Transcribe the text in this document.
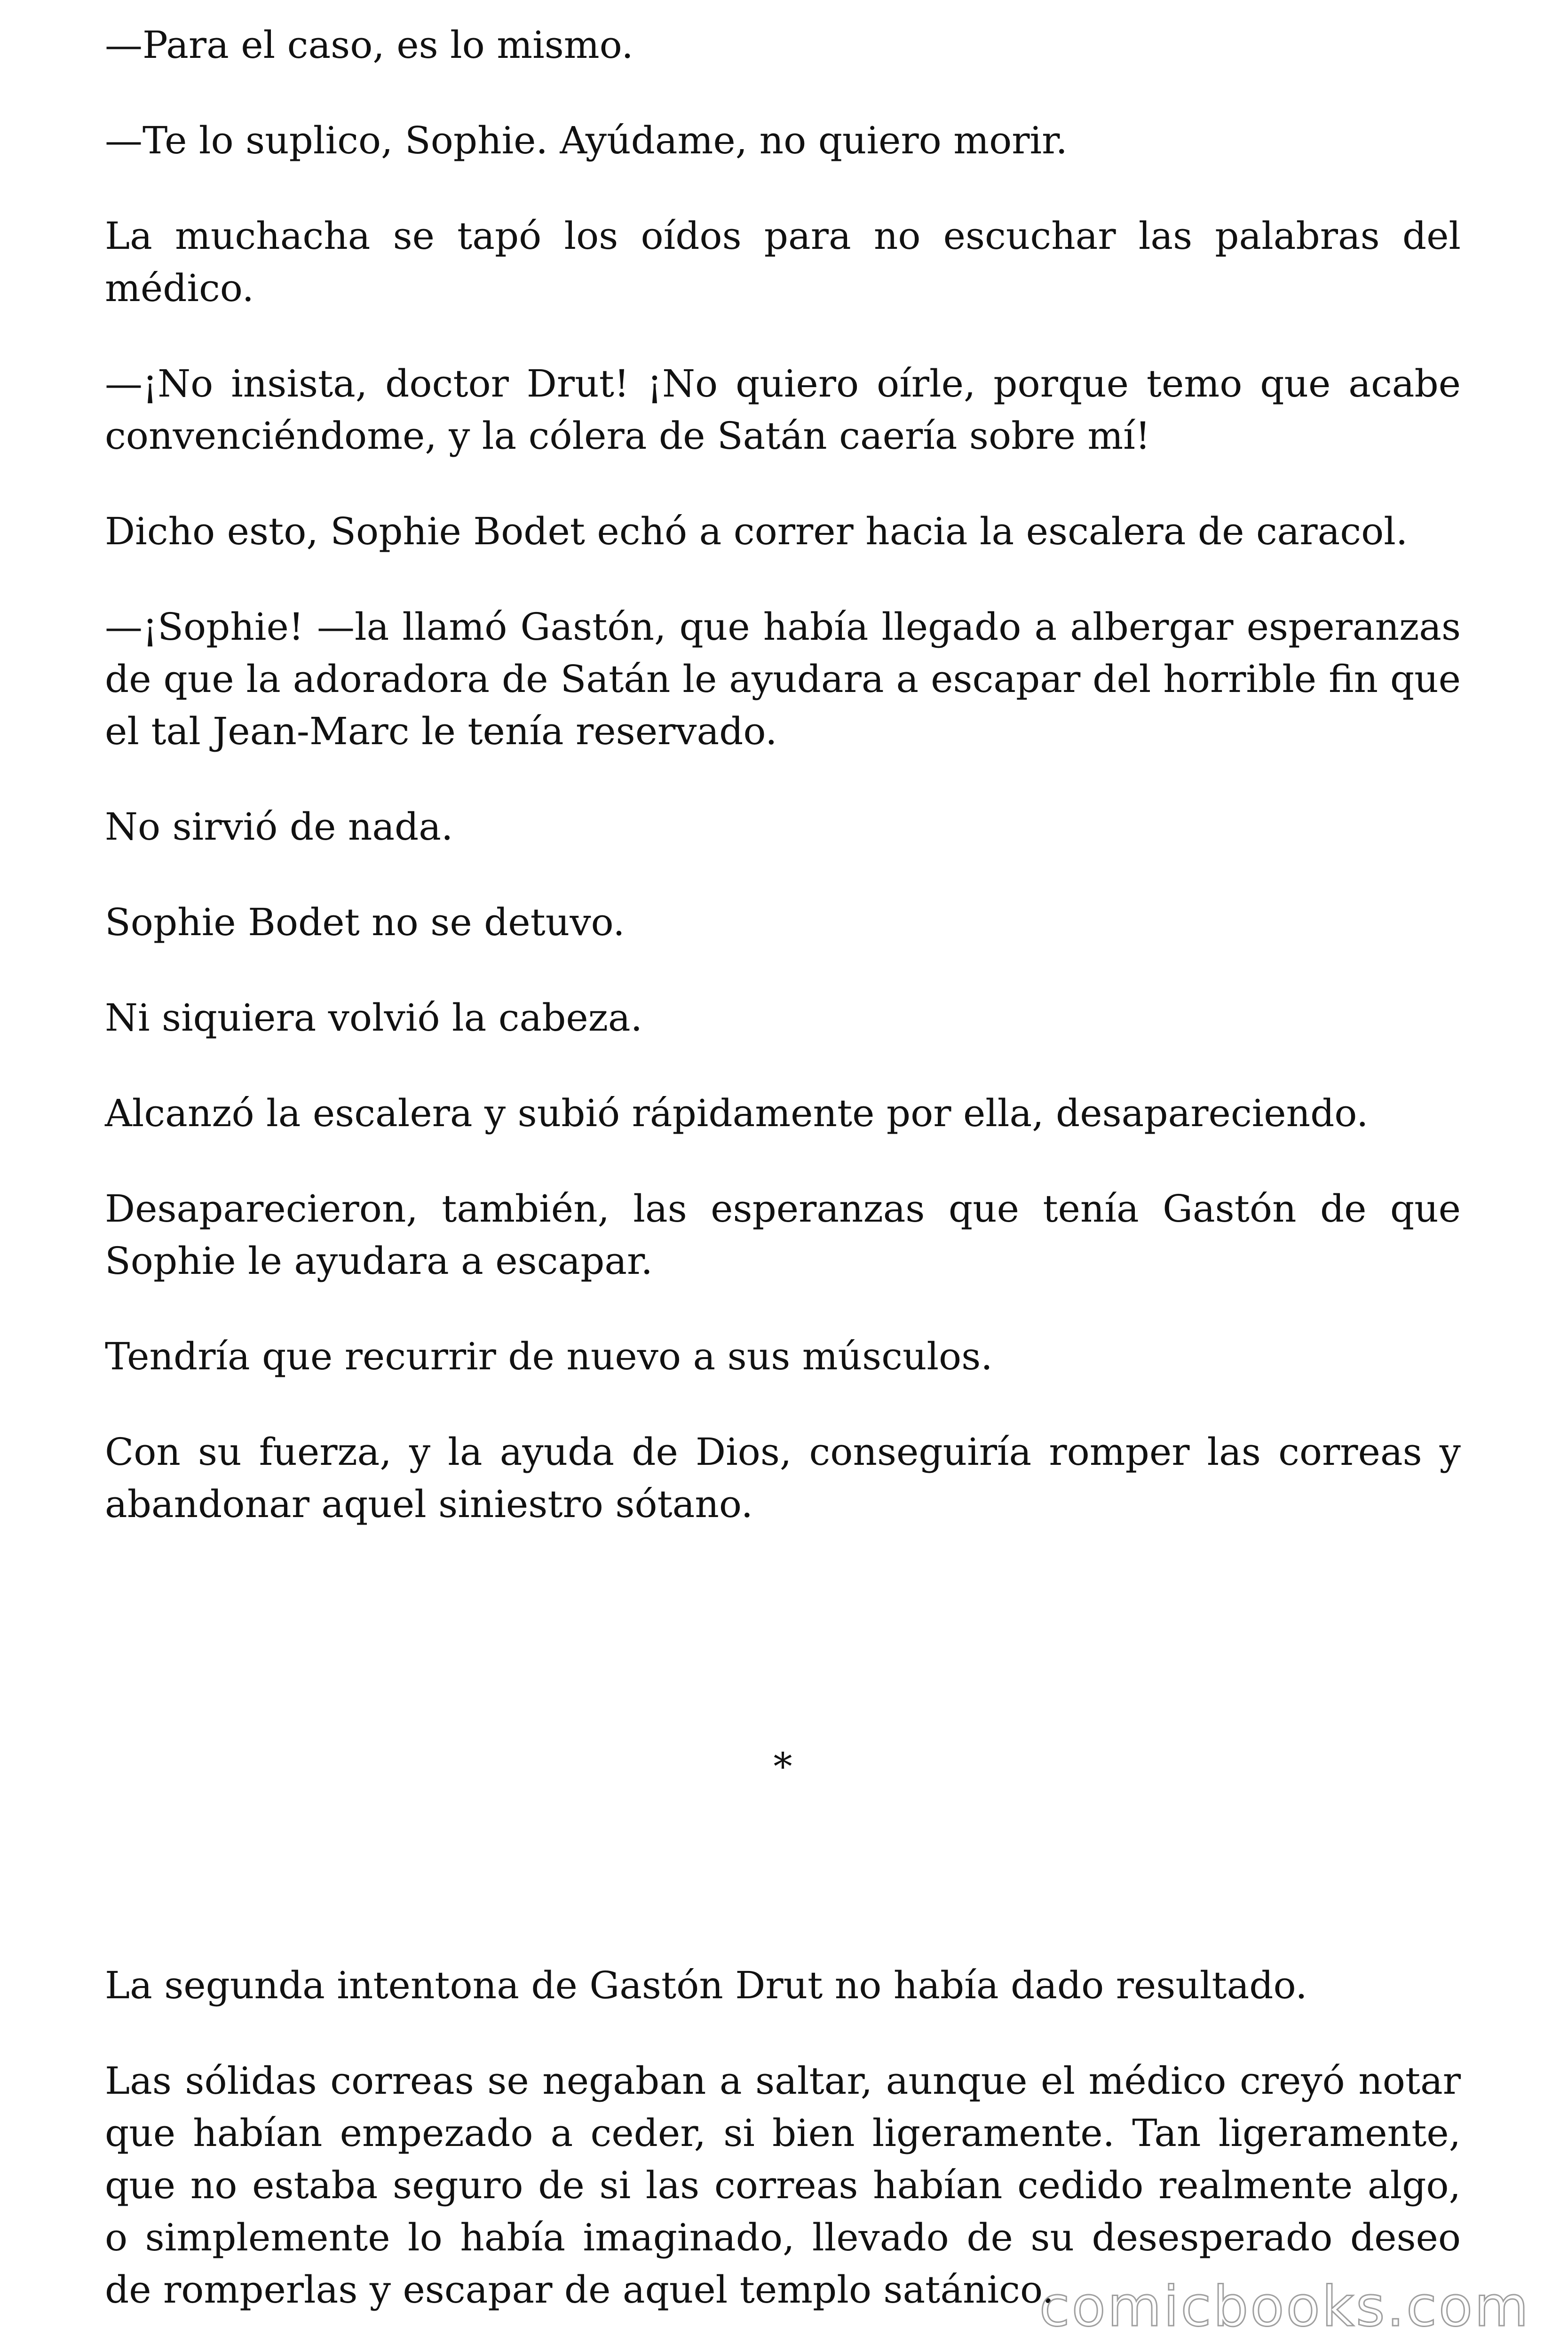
—Para el caso, es lo mismo.

—Te lo suplico, Sophie. Ayúdame, no quiero morir.

La muchacha se tapó los oídos para no escuchar las palabras del médico.

—¡No insista, doctor Drut! ¡No quiero oírle, porque temo que acabe convenciéndome, y la cólera de Satán caería sobre mí!

Dicho esto, Sophie Bodet echó a correr hacia la escalera de caracol.

—¡Sophie! —la llamó Gastón, que había llegado a albergar esperanzas de que la adoradora de Satán le ayudara a escapar del horrible fin que el tal Jean-Marc le tenía reservado.

No sirvió de nada.

Sophie Bodet no se detuvo.

Ni siquiera volvió la cabeza.

Alcanzó la escalera y subió rápidamente por ella, desapareciendo.

Desaparecieron, también, las esperanzas que tenía Gastón de que Sophie le ayudara a escapar.

Tendría que recurrir de nuevo a sus músculos.

Con su fuerza, y la ayuda de Dios, conseguiría romper las correas y abandonar aquel siniestro sótano.

*

La segunda intentona de Gastón Drut no había dado resultado.

Las sólidas correas se negaban a saltar, aunque el médico creyó notar que habían empezado a ceder, si bien ligeramente. Tan ligeramente, que no estaba seguro de si las correas habían cedido realmente algo, o simplemente lo había imaginado, llevado de su desesperado deseo de romperlas y escapar de aquel templo satánico.

comicbooks.com
